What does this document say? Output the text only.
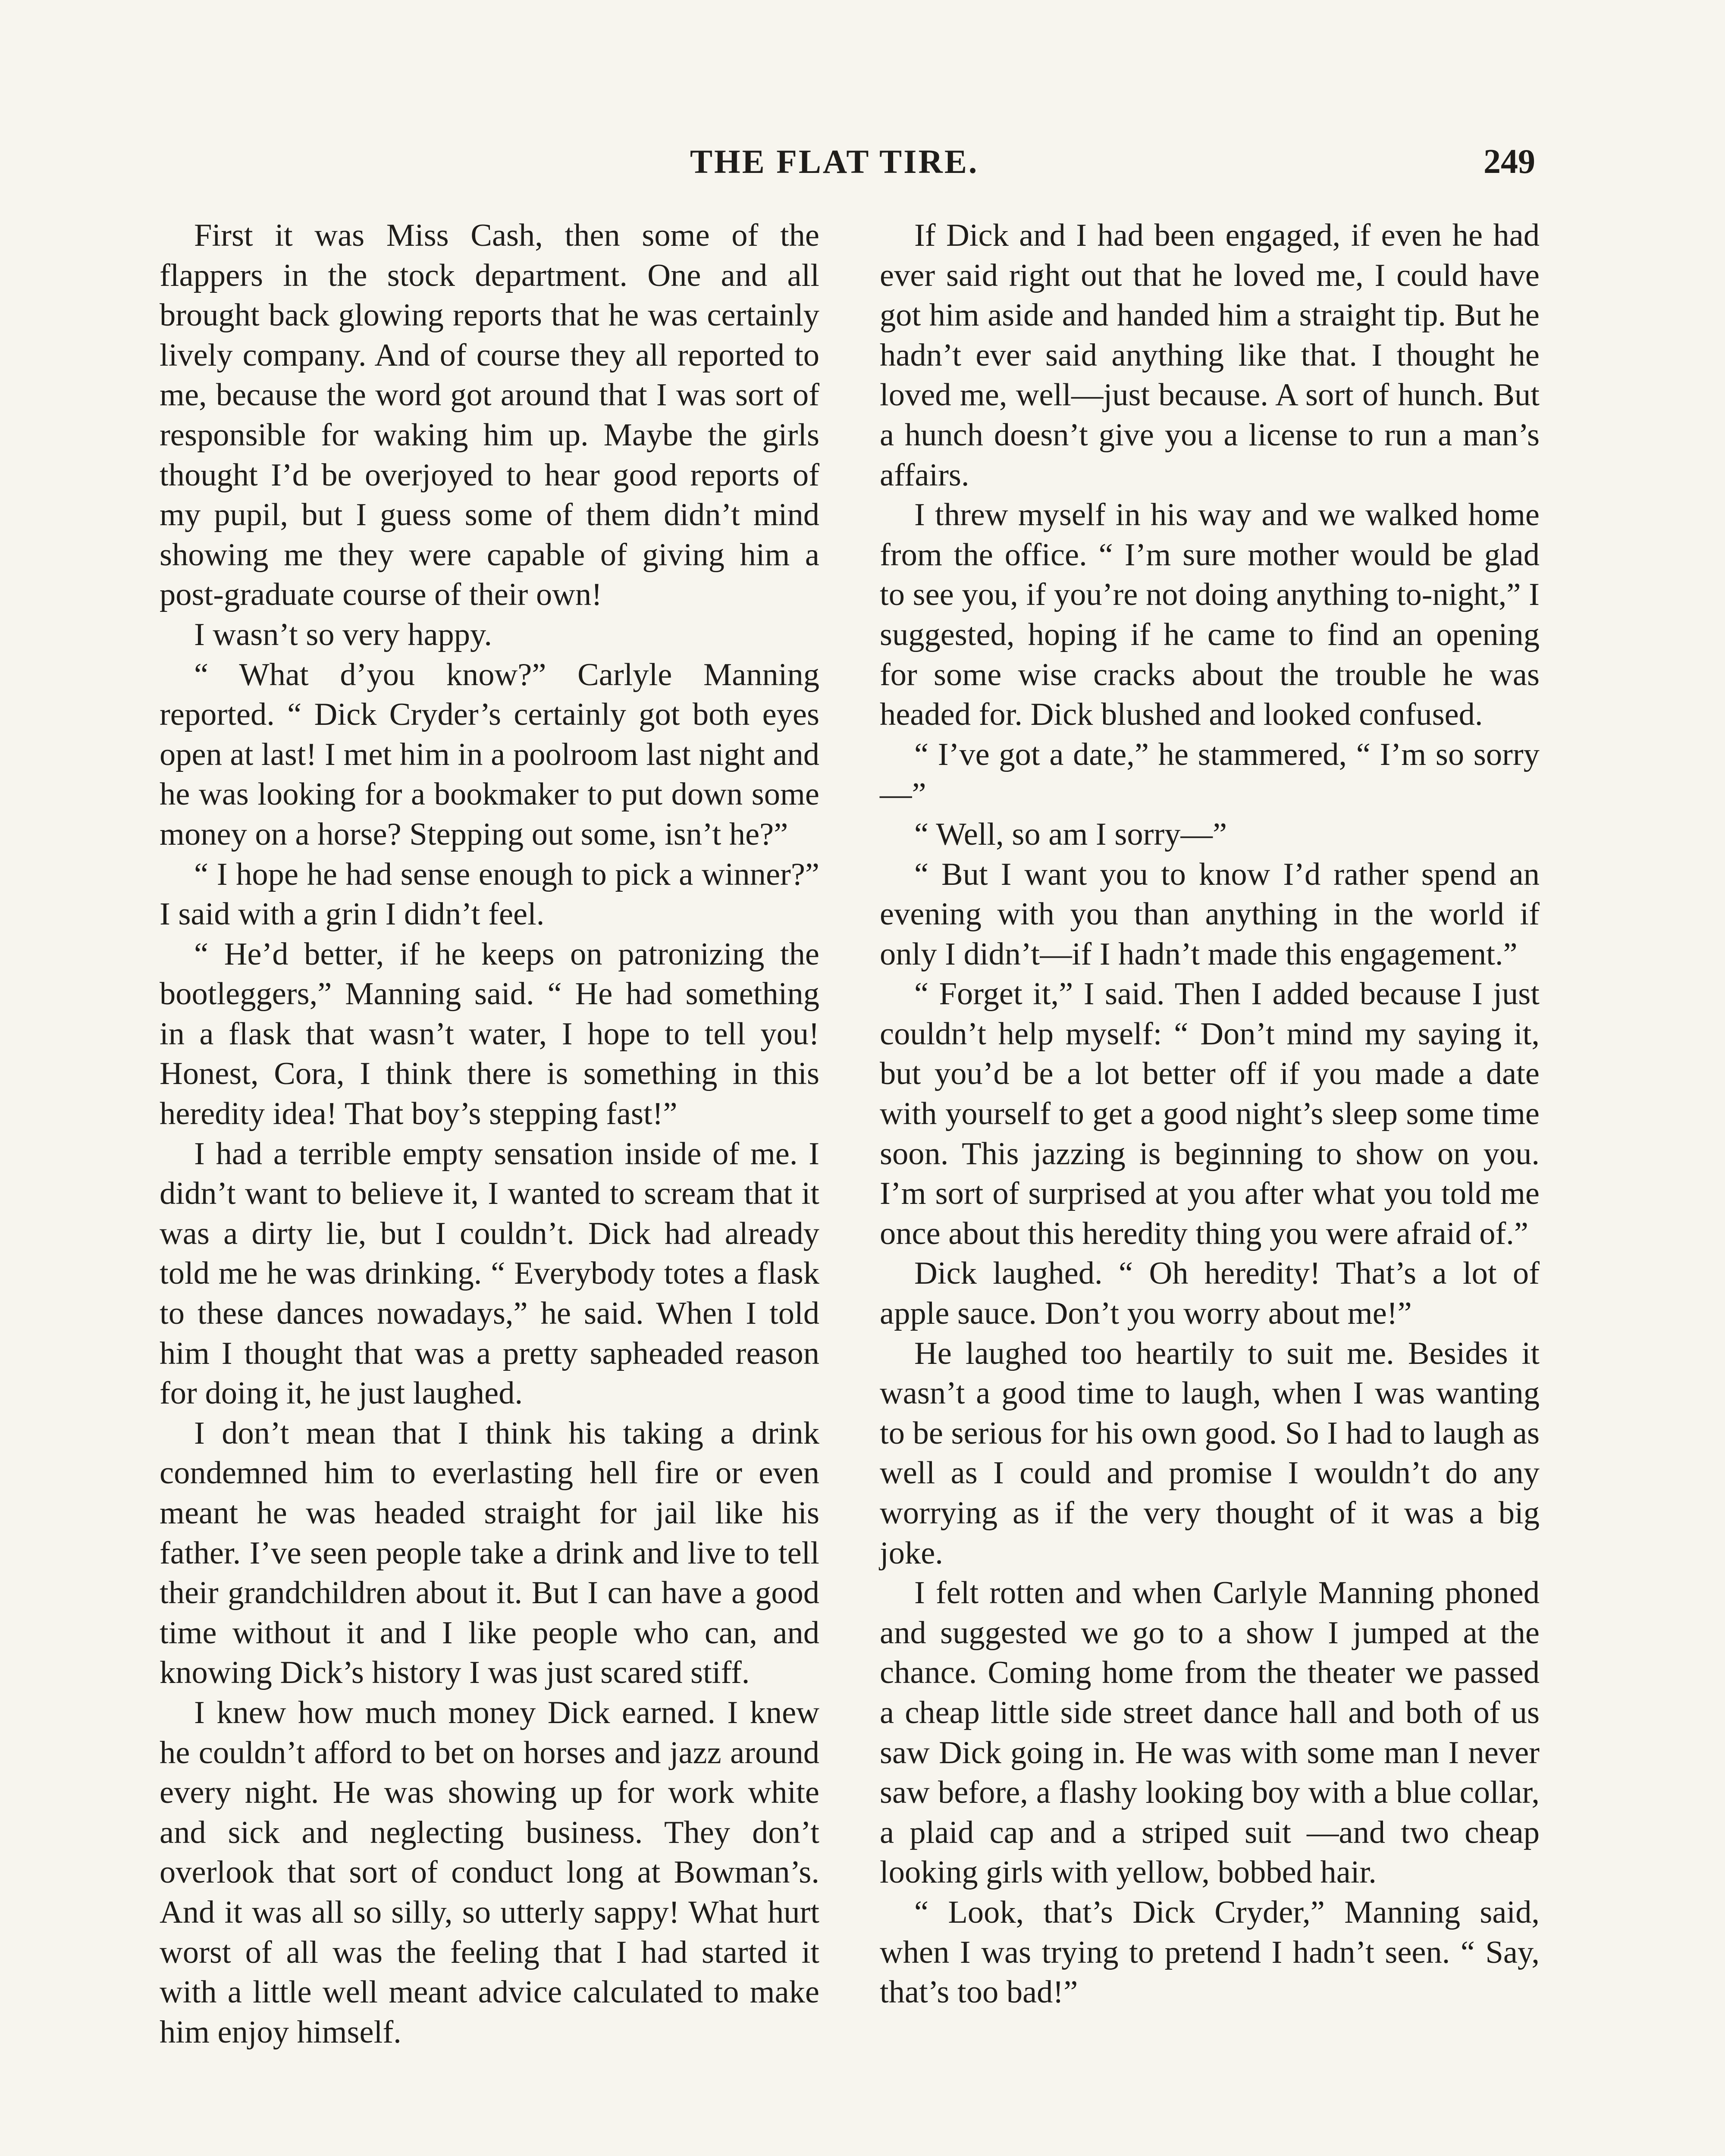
THE FLAT TIRE.	249

First it was Miss Cash, then some of the flappers in the stock department. One and all brought back glowing reports that he was certainly lively company. And of course they all reported to me, because the word got around that I was sort of responsible for waking him up. Maybe the girls thought I’d be overjoyed to hear good reports of my pupil, but I guess some of them didn’t mind showing me they were capable of giving him a post-graduate course of their own!

I wasn’t so very happy.

“ What d’you know?” Carlyle Manning reported. “ Dick Cryder’s certainly got both eyes open at last! I met him in a poolroom last night and he was looking for a bookmaker to put down some money on a horse? Stepping out some, isn’t he?”

“ I hope he had sense enough to pick a winner?” I said with a grin I didn’t feel.

“ He’d better, if he keeps on patronizing the bootleggers,” Manning said. “ He had something in a flask that wasn’t water, I hope to tell you! Honest, Cora, I think there is something in this heredity idea! That boy’s stepping fast!”

I had a terrible empty sensation inside of me. I didn’t want to believe it, I wanted to scream that it was a dirty lie, but I couldn’t. Dick had already told me he was drinking. “ Everybody totes a flask to these dances nowadays,” he said. When I told him I thought that was a pretty sapheaded reason for doing it, he just laughed.

I don’t mean that I think his taking a drink condemned him to everlasting hell fire or even meant he was headed straight for jail like his father. I’ve seen people take a drink and live to tell their grandchildren about it. But I can have a good time without it and I like people who can, and knowing Dick’s history I was just scared stiff.

I knew how much money Dick earned. I knew he couldn’t afford to bet on horses and jazz around every night. He was showing up for work white and sick and neglecting business. They don’t overlook that sort of conduct long at Bowman’s. And it was all so silly, so utterly sappy! What hurt worst of all was the feeling that I had started it with a little well meant advice calculated to make him enjoy himself.

If Dick and I had been engaged, if even he had ever said right out that he loved me, I could have got him aside and handed him a straight tip. But he hadn’t ever said anything like that. I thought he loved me, well—just because. A sort of hunch. But a hunch doesn’t give you a license to run a man’s affairs.

I threw myself in his way and we walked home from the office. “ I’m sure mother would be glad to see you, if you’re not doing anything to-night,” I suggested, hoping if he came to find an opening for some wise cracks about the trouble he was headed for. Dick blushed and looked confused.

“ I’ve got a date,” he stammered, “ I’m so sorry—”

“ Well, so am I sorry—”

“ But I want you to know I’d rather spend an evening with you than anything in the world if only I didn’t—if I hadn’t made this engagement.”

“ Forget it,” I said. Then I added because I just couldn’t help myself: “ Don’t mind my saying it, but you’d be a lot better off if you made a date with yourself to get a good night’s sleep some time soon. This jazzing is beginning to show on you. I’m sort of surprised at you after what you told me once about this heredity thing you were afraid of.”

Dick laughed. “ Oh heredity! That’s a lot of apple sauce. Don’t you worry about me!”

He laughed too heartily to suit me. Besides it wasn’t a good time to laugh, when I was wanting to be serious for his own good. So I had to laugh as well as I could and promise I wouldn’t do any worrying as if the very thought of it was a big joke.

I felt rotten and when Carlyle Manning phoned and suggested we go to a show I jumped at the chance. Coming home from the theater we passed a cheap little side street dance hall and both of us saw Dick going in. He was with some man I never saw before, a flashy looking boy with a blue collar, a plaid cap and a striped suit —and two cheap looking girls with yellow, bobbed hair.

“ Look, that’s Dick Cryder,” Manning said, when I was trying to pretend I hadn’t seen. “ Say, that’s too bad!”
